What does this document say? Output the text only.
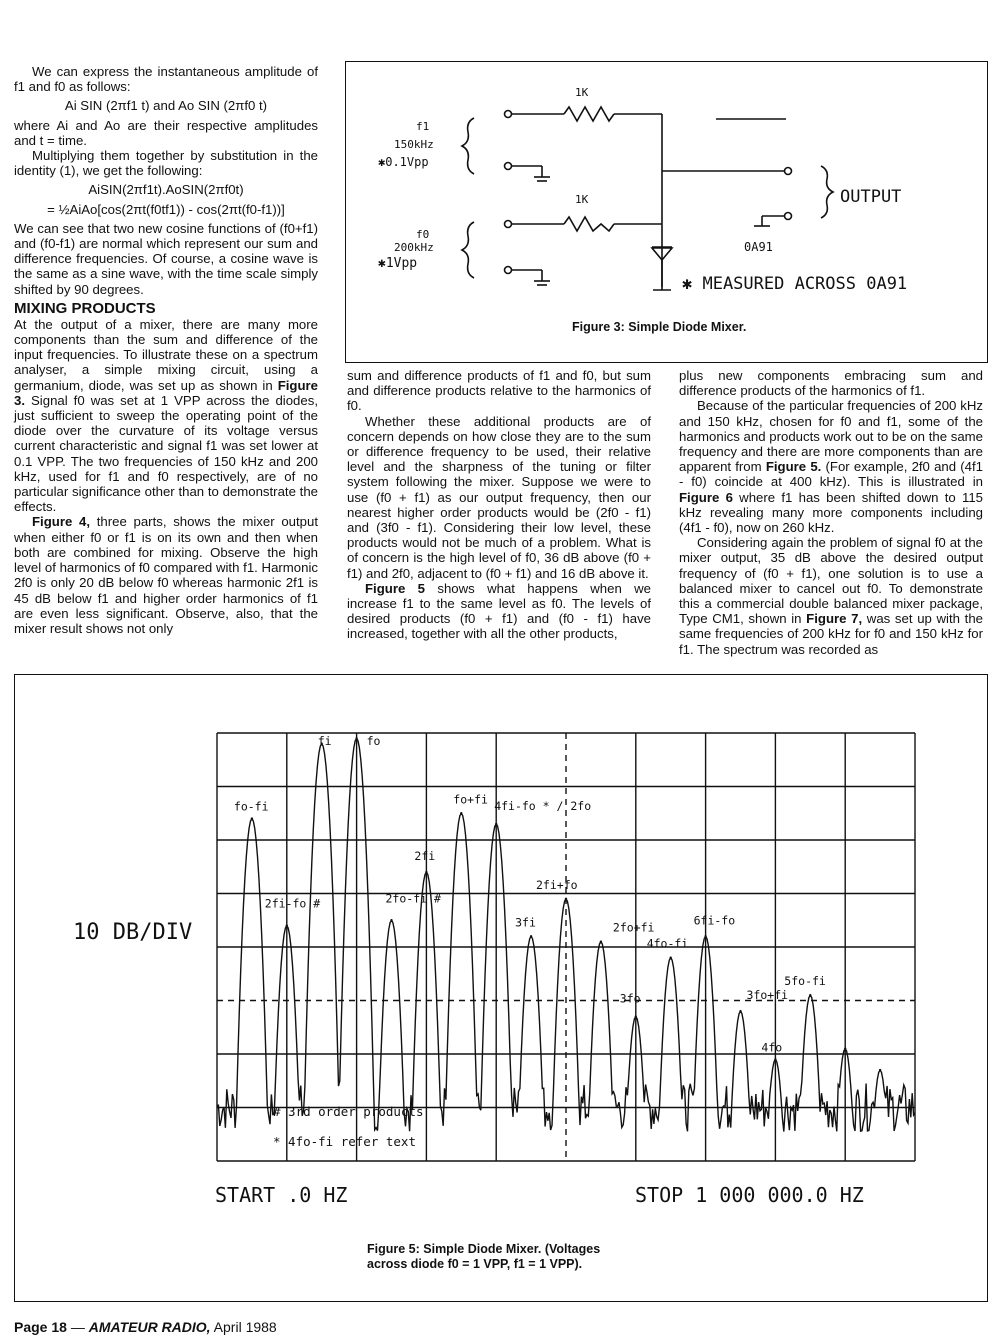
We can express the instantaneous amplitude of f1 and f0 as follows:

Ai SIN (2πf1 t) and Ao SIN (2πf0 t)

where Ai and Ao are their respective amplitudes and t = time.

Multiplying them together by substitution in the identity (1), we get the following:

AiSIN(2πf1t).AoSIN(2πf0t)

= ½AiAo[cos(2πt(f0tf1)) - cos(2πt(f0-f1))]

We can see that two new cosine functions of (f0+f1) and (f0-f1) are normal which represent our sum and difference frequencies. Of course, a cosine wave is the same as a sine wave, with the time scale simply shifted by 90 degrees.

MIXING PRODUCTS

At the output of a mixer, there are many more components than the sum and difference of the input frequencies. To illustrate these on a spectrum analyser, a simple mixing circuit, using a germanium, diode, was set up as shown in Figure 3. Signal f0 was set at 1 VPP across the diodes, just sufficient to sweep the operating point of the diode over the curvature of its voltage versus current characteristic and signal f1 was set lower at 0.1 VPP. The two frequencies of 150 kHz and 200 kHz, used for f1 and f0 respectively, are of no particular significance other than to demonstrate the effects.

Figure 4, three parts, shows the mixer output when either f0 or f1 is on its own and then when both are combined for mixing. Observe the high level of harmonics of f0 compared with f1. Harmonic 2f0 is only 20 dB below f0 whereas harmonic 2f1 is 45 dB below f1 and higher order harmonics of f1 are even less significant. Observe, also, that the mixer result shows not only

1K
1K
f1
150kHz
✱0.1Vpp
f0
200kHz
✱1Vpp
OUTPUT
0A91
✱ MEASURED ACROSS 0A91
Figure 3: Simple Diode Mixer.

sum and difference products of f1 and f0, but sum and difference products relative to the harmonics of f0.

Whether these additional products are of concern depends on how close they are to the sum or difference frequency to be used, their relative level and the sharpness of the tuning or filter system following the mixer. Suppose we were to use (f0 + f1) as our output frequency, then our nearest higher order products would be (2f0 - f1) and (3f0 - f1). Considering their low level, these products would not be much of a problem. What is of concern is the high level of f0, 36 dB above (f0 + f1) and 2f0, adjacent to (f0 + f1) and 16 dB above it.

Figure 5 shows what happens when we increase f1 to the same level as f0. The levels of desired products (f0 + f1) and (f0 - f1) have increased, together with all the other products,

plus new components embracing sum and difference products of the harmonics of f1.

Because of the particular frequencies of 200 kHz and 150 kHz, chosen for f0 and f1, some of the harmonics and products work out to be on the same frequency and there are more components than are apparent from Figure 5. (For example, 2f0 and (4f1 - f0) coincide at 400 kHz). This is illustrated in Figure 6 where f1 has been shifted down to 115 kHz revealing many more components including (4f1 - f0), now on 260 kHz.

Considering again the problem of signal f0 at the mixer output, 35 dB above the desired output frequency of (f0 + f1), one solution is to use a balanced mixer to cancel out f0. To demonstrate this a commercial double balanced mixer package, Type CM1, shown in Figure 7, was set up with the same frequencies of 200 kHz for f0 and 150 kHz for f1. The spectrum was recorded as

fo-fi
2fi-fo #
fi	fo
2fo-fi #
2fi
fo+fi 4fi-fo * / 2fo
3fi
2fi+fo
2fo+fi
3fo
4fo-fi
6fi-fo
3fo+fi
4fo
5fo-fi
10 DB/DIV
START .0 HZ	STOP 1 000 000.0 HZ
# 3rd order products
* 4fo-fi refer text
Figure 5: Simple Diode Mixer. (Voltages
across diode f0 = 1 VPP, f1 = 1 VPP).
Page 18 — AMATEUR RADIO, April 1988
